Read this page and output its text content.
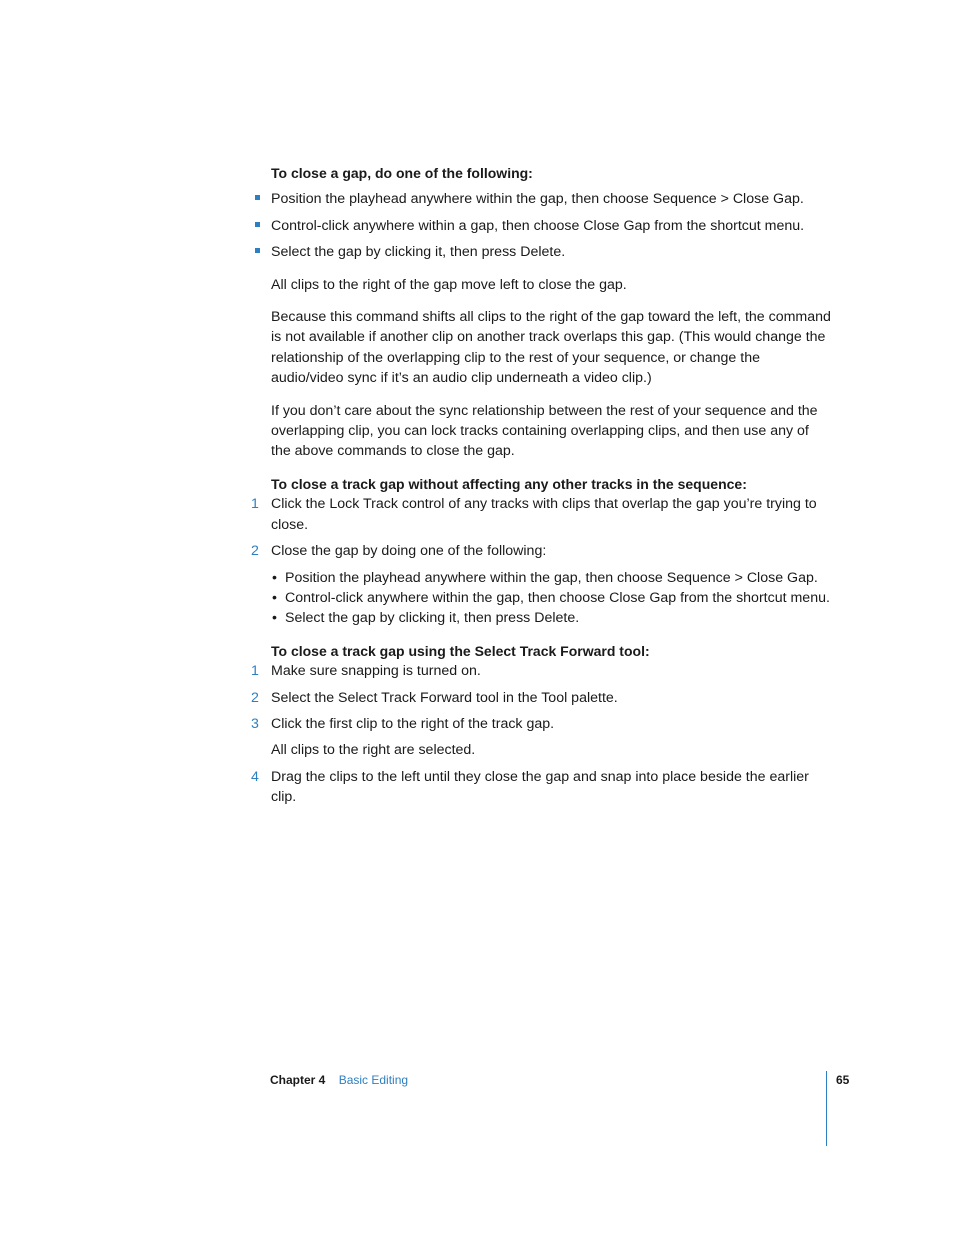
To close a gap, do one of the following:

Position the playhead anywhere within the gap, then choose Sequence > Close Gap.
Control-click anywhere within a gap, then choose Close Gap from the shortcut menu.
Select the gap by clicking it, then press Delete.

All clips to the right of the gap move left to close the gap.

Because this command shifts all clips to the right of the gap toward the left, the command is not available if another clip on another track overlaps this gap. (This would change the relationship of the overlapping clip to the rest of your sequence, or change the audio/video sync if it’s an audio clip underneath a video clip.)

If you don’t care about the sync relationship between the rest of your sequence and the overlapping clip, you can lock tracks containing overlapping clips, and then use any of the above commands to close the gap.

To close a track gap without affecting any other tracks in the sequence:

1 Click the Lock Track control of any tracks with clips that overlap the gap you’re trying to close.
2 Close the gap by doing one of the following:
• Position the playhead anywhere within the gap, then choose Sequence > Close Gap.
• Control-click anywhere within the gap, then choose Close Gap from the shortcut menu.
• Select the gap by clicking it, then press Delete.

To close a track gap using the Select Track Forward tool:

1 Make sure snapping is turned on.
2 Select the Select Track Forward tool in the Tool palette.
3 Click the first clip to the right of the track gap.
All clips to the right are selected.
4 Drag the clips to the left until they close the gap and snap into place beside the earlier clip.
Chapter 4 Basic Editing	65
